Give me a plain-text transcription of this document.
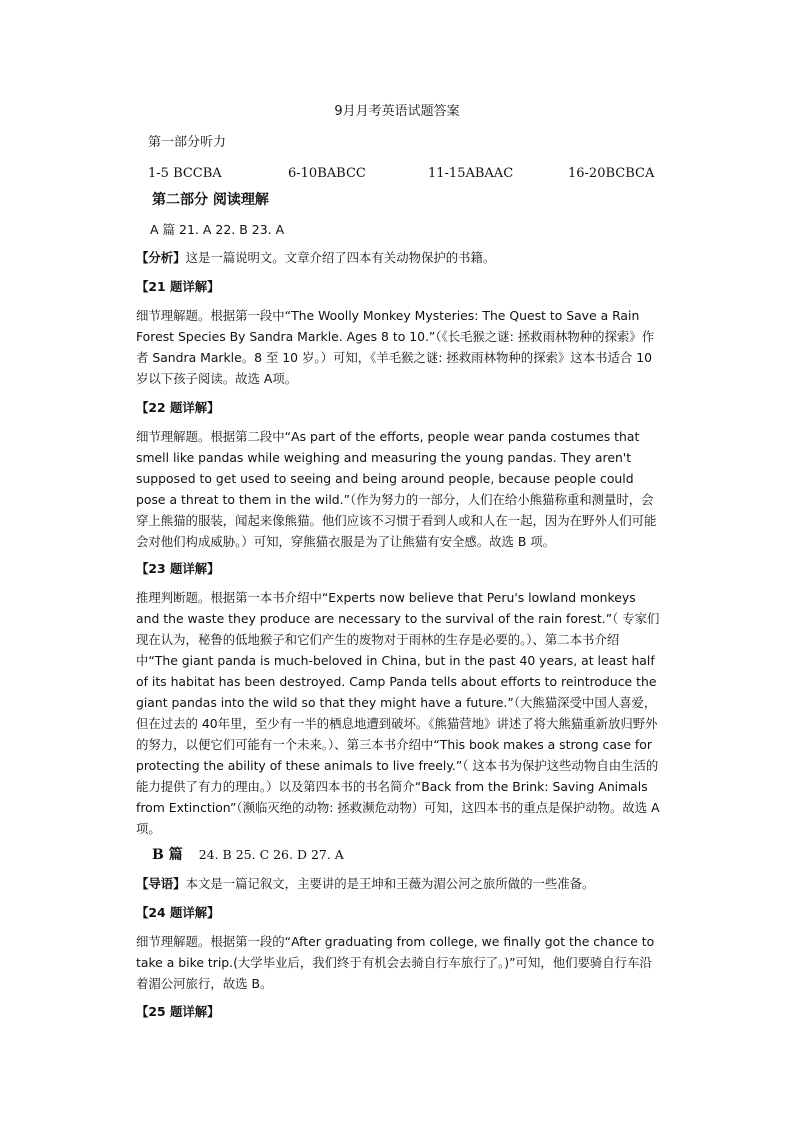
9月月考英语试题答案
第一部分听力
1-5 BCCBA	6-10BABCC	11-15ABAAC	16-20BCBCA
第二部分 阅读理解
A 篇 21. A 22. B 23. A
【分析】这是一篇说明文。文章介绍了四本有关动物保护的书籍。
【21 题详解】
细节理解题。根据第一段中“The Woolly Monkey Mysteries: The Quest to Save a Rain Forest Species By Sandra Markle. Ages 8 to 10.”（《长毛猴之谜: 拯救雨林物种的探索》作者 Sandra Markle。8 至 10 岁。）可知，《羊毛猴之谜: 拯救雨林物种的探索》这本书适合 10岁以下孩子阅读。故选 A项。
【22 题详解】
细节理解题。根据第二段中“As part of the efforts, people wear panda costumes that smell like pandas while weighing and measuring the young pandas. They aren't supposed to get used to seeing and being around people, because people could pose a threat to them in the wild.”（作为努力的一部分，人们在给小熊猫称重和测量时，会穿上熊猫的服装，闻起来像熊猫。他们应该不习惯于看到人或和人在一起，因为在野外人们可能会对他们构成威胁。）可知，穿熊猫衣服是为了让熊猫有安全感。故选 B 项。
【23 题详解】
推理判断题。根据第一本书介绍中“Experts now believe that Peru's lowland monkeys and the waste they produce are necessary to the survival of the rain forest.”（ 专家们现在认为，秘鲁的低地猴子和它们产生的废物对于雨林的生存是必要的。）、第二本书介绍中“The giant panda is much-beloved in China, but in the past 40 years, at least half of its habitat has been destroyed. Camp Panda tells about efforts to reintroduce the giant pandas into the wild so that they might have a future.”（大熊猫深受中国人喜爱，但在过去的 40年里，至少有一半的栖息地遭到破坏。《熊猫营地》讲述了将大熊猫重新放归野外的努力，以便它们可能有一个未来。）、第三本书介绍中“This book makes a strong case for protecting the ability of these animals to live freely.”（ 这本书为保护这些动物自由生活的能力提供了有力的理由。）以及第四本书的书名简介“Back from the Brink: Saving Animals from Extinction”（濒临灭绝的动物: 拯救濒危动物）可知，这四本书的重点是保护动物。故选 A项。
B 篇 24. B 25. C 26. D 27. A
【导语】本文是一篇记叙文，主要讲的是王坤和王薇为湄公河之旅所做的一些准备。
【24 题详解】
细节理解题。根据第一段的“After graduating from college, we finally got the chance to take a bike trip.(大学毕业后，我们终于有机会去骑自行车旅行了。)”可知，他们要骑自行车沿着湄公河旅行，故选 B。
【25 题详解】
